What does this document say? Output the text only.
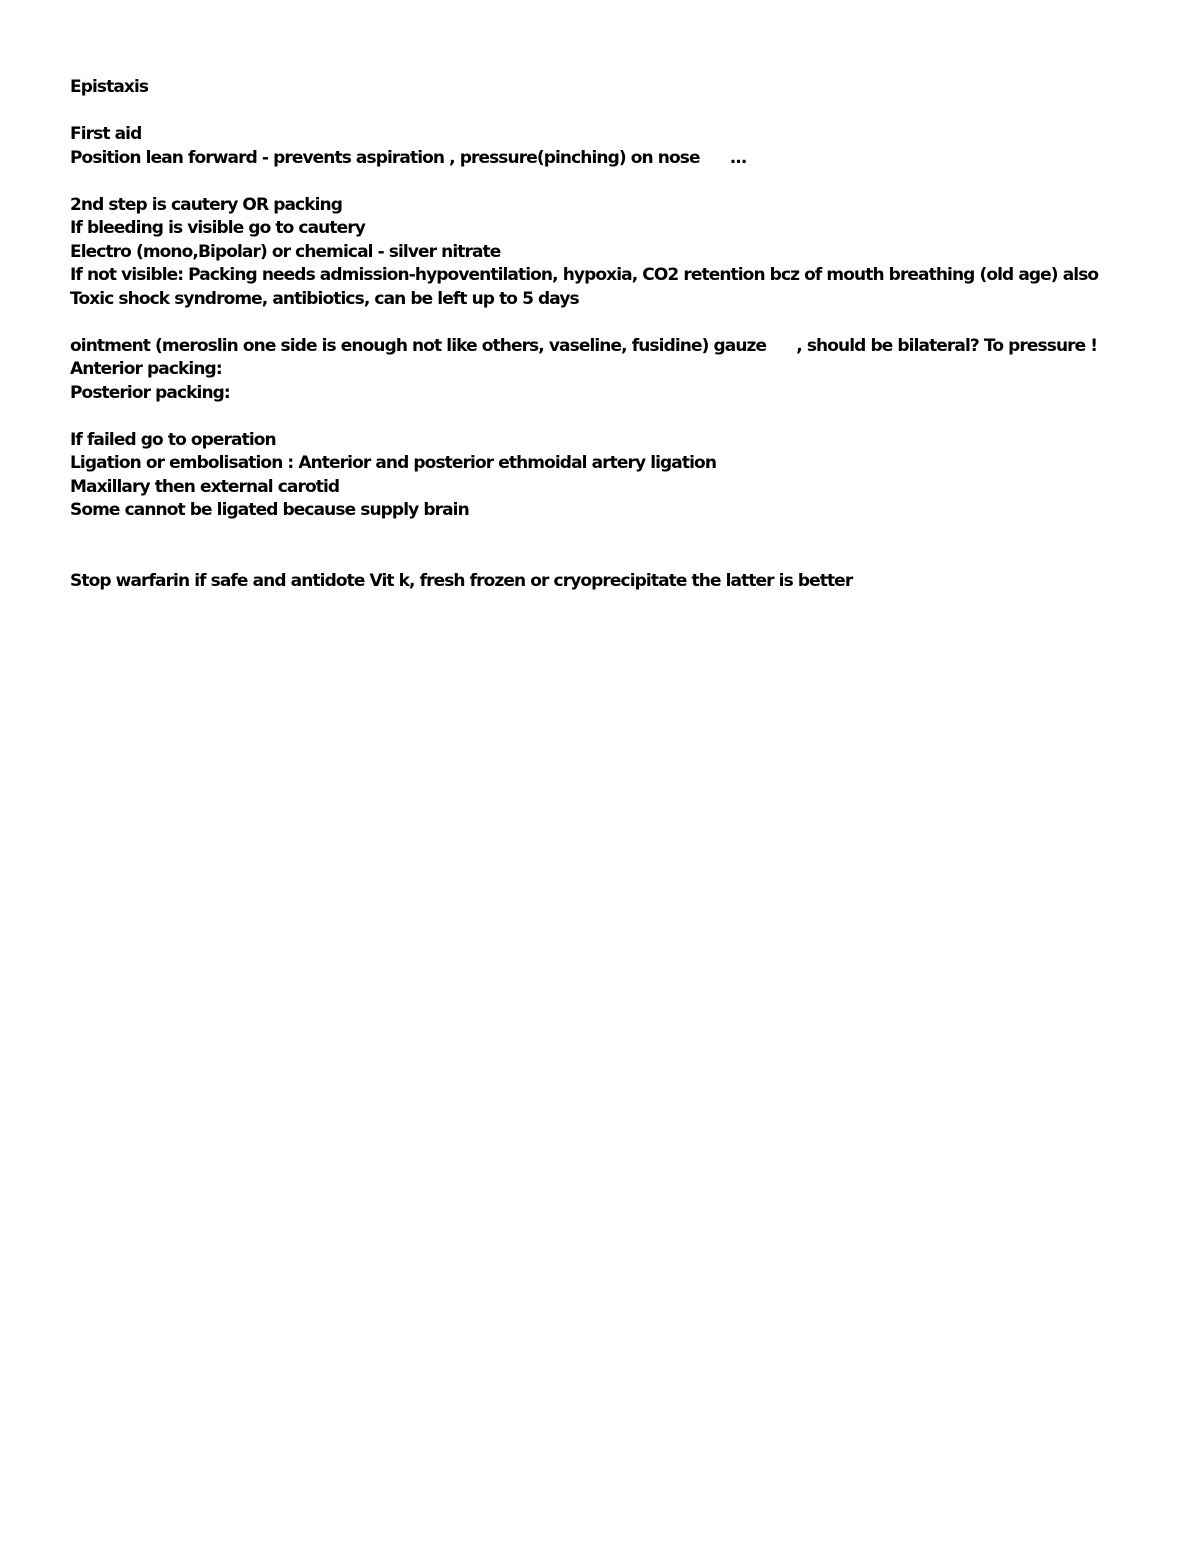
Epistaxis
First aid
Position lean forward - prevents aspiration , pressure(pinching) on nose      ...
2nd step is cautery OR packing
If bleeding is visible go to cautery
Electro (mono,Bipolar) or chemical - silver nitrate
If not visible: Packing needs admission-hypoventilation, hypoxia, CO2 retention bcz of mouth breathing (old age) also
Toxic shock syndrome, antibiotics, can be left up to 5 days
ointment (meroslin one side is enough not like others, vaseline, fusidine) gauze      , should be bilateral? To pressure !
Anterior packing:
Posterior packing:
If failed go to operation
Ligation or embolisation : Anterior and posterior ethmoidal artery ligation
Maxillary then external carotid
Some cannot be ligated because supply brain
Stop warfarin if safe and antidote Vit k, fresh frozen or cryoprecipitate the latter is better
